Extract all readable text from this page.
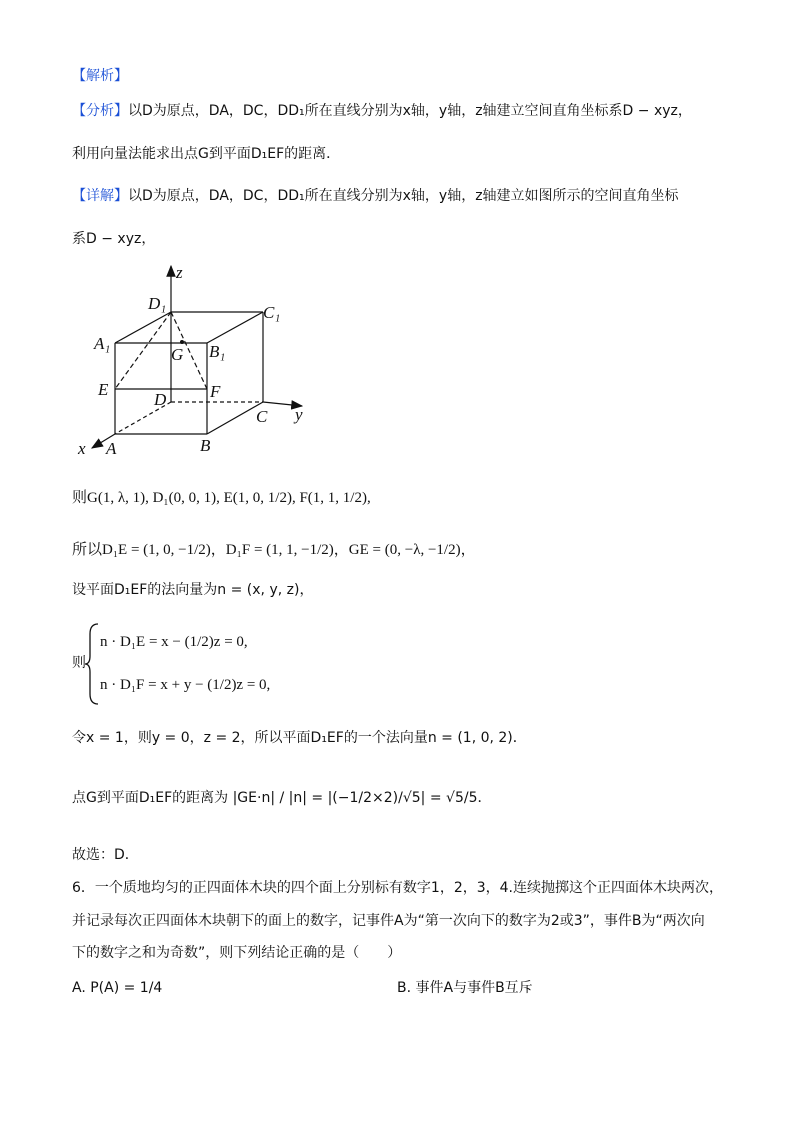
【解析】
【分析】以D为原点，DA，DC，DD₁所在直线分别为x轴，y轴，z轴建立空间直角坐标系D − xyz，
利用向量法能求出点G到平面D₁EF的距离．
【详解】以D为原点，DA，DC，DD₁所在直线分别为x轴，y轴，z轴建立如图所示的空间直角坐标
系D − xyz，
z
D₁	C₁
A₁
G B₁
E	F
D
C y
x A	B
则G(1, λ, 1), D₁(0, 0, 1), E(1, 0, 1/2), F(1, 1, 1/2),
所以D₁E = (1, 0, −1/2)，D₁F = (1, 1, −1/2)，GE = (0, −λ, −1/2)，
设平面D₁EF的法向量为n = (x, y, z)，
则
n · D₁E = x − (1/2)z = 0,
n · D₁F = x + y − (1/2)z = 0,
令x = 1，则y = 0，z = 2，所以平面D₁EF的一个法向量n = (1, 0, 2)．
点G到平面D₁EF的距离为 |GE·n| / |n| = |(−1/2×2)/√5| = √5/5．
故选：D．
6．一个质地均匀的正四面体木块的四个面上分别标有数字1，2，3，4.连续抛掷这个正四面体木块两次，
并记录每次正四面体木块朝下的面上的数字，记事件A为“第一次向下的数字为2或3”，事件B为“两次向
下的数字之和为奇数”，则下列结论正确的是（　　）
A. P(A) = 1/4	B. 事件A与事件B互斥
